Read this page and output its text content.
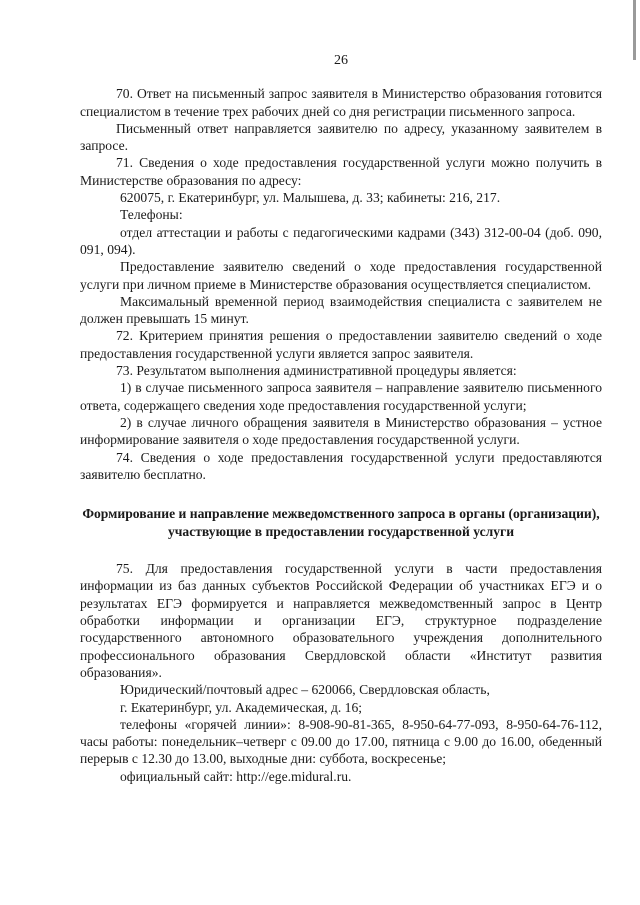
26

70. Ответ на письменный запрос заявителя в Министерство образования готовится специалистом в течение трех рабочих дней со дня регистрации письменного запроса.

Письменный ответ направляется заявителю по адресу, указанному заявителем в запросе.

71. Сведения о ходе предоставления государственной услуги можно получить в Министерстве образования по адресу:

620075, г. Екатеринбург, ул. Малышева, д. 33; кабинеты: 216, 217.

Телефоны:

отдел аттестации и работы с педагогическими кадрами (343) 312-00-04 (доб. 090, 091, 094).

Предоставление заявителю сведений о ходе предоставления государственной услуги при личном приеме в Министерстве образования осуществляется специалистом.

Максимальный временной период взаимодействия специалиста с заявителем не должен превышать 15 минут.

72. Критерием принятия решения о предоставлении заявителю сведений о ходе предоставления государственной услуги является запрос заявителя.

73. Результатом выполнения административной процедуры является:

1) в случае письменного запроса заявителя – направление заявителю письменного ответа, содержащего сведения ходе предоставления государственной услуги;

2) в случае личного обращения заявителя в Министерство образования – устное информирование заявителя о ходе предоставления государственной услуги.

74. Сведения о ходе предоставления государственной услуги предоставляются заявителю бесплатно.

Формирование и направление межведомственного запроса в органы (организации), участвующие в предоставлении государственной услуги

75. Для предоставления государственной услуги в части предоставления информации из баз данных субъектов Российской Федерации об участниках ЕГЭ и о результатах ЕГЭ формируется и направляется межведомственный запрос в Центр обработки информации и организации ЕГЭ, структурное подразделение государственного автономного образовательного учреждения дополнительного профессионального образования Свердловской области «Институт развития образования».

Юридический/почтовый адрес – 620066, Свердловская область,

г. Екатеринбург, ул. Академическая, д. 16;

телефоны «горячей линии»: 8-908-90-81-365, 8-950-64-77-093, 8-950-64-76-112, часы работы: понедельник–четверг с 09.00 до 17.00, пятница с 9.00 до 16.00, обеденный перерыв с 12.30 до 13.00, выходные дни: суббота, воскресенье;

официальный сайт: http://ege.midural.ru.
